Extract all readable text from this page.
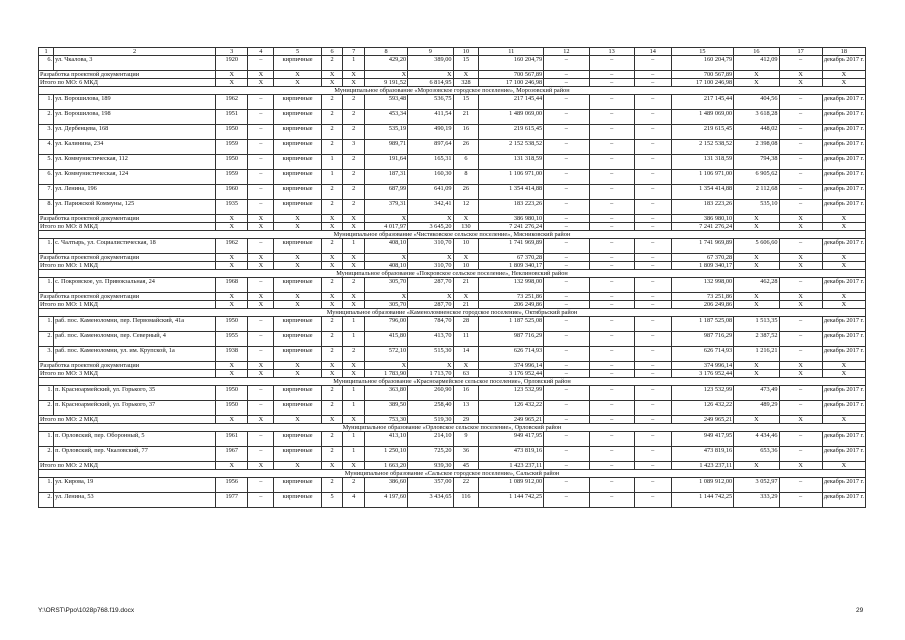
1	2	3	4	5	6	7	8	9	10	11	12	13	14	15	16	17	18
6.	ул. Чкалова, 3	1920	–	кирпичные	2	1	429,20	389,00	15	160 204,79	–	–	–	160 204,79	412,09	–	декабрь 2017 г.
Разработка проектной документации		X	X	X	X	X	X	X	X	700 567,89	–	–	–	700 567,89	X	X	X
Итого по МО: 6 МКД		X	X	X	X	X	9 191,52	6 814,95	328	17 100 246,98	–	–	–	17 100 246,98	X	X	X
Муниципальное образование «Морозовское городское поселение», Морозовский район																	
1.	ул. Ворошилова, 189	1962	–	кирпичные	2	2	593,48	536,75	15	217 145,44	–	–	–	217 145,44	404,56	–	декабрь 2017 г.
2.	ул. Ворошилова, 198	1951	–	кирпичные	2	2	453,34	411,54	21	1 489 069,00	–	–	–	1 489 069,00	3 618,28	–	декабрь 2017 г.
3.	ул. Дербенцева, 168	1950	–	кирпичные	2	2	535,19	490,19	16	219 615,45	–	–	–	219 615,45	448,02	–	декабрь 2017 г.
4.	ул. Калинина, 234	1959	–	кирпичные	2	3	989,71	897,64	26	2 152 538,52	–	–	–	2 152 538,52	2 398,08	–	декабрь 2017 г.
5.	ул. Коммунистическая, 112	1950	–	кирпичные	1	2	191,64	165,31	6	131 318,59	–	–	–	131 318,59	794,38	–	декабрь 2017 г.
6.	ул. Коммунистическая, 124	1959	–	кирпичные	1	2	187,31	160,30	8	1 106 971,00	–	–	–	1 106 971,00	6 905,62	–	декабрь 2017 г.
7.	ул. Ленина, 196	1960	–	кирпичные	2	2	687,99	641,09	26	1 354 414,88	–	–	–	1 354 414,88	2 112,68	–	декабрь 2017 г.
8.	ул. Парижской Коммуны, 125	1935	–	кирпичные	2	2	379,31	342,41	12	183 223,26	–	–	–	183 223,26	535,10	–	декабрь 2017 г.
Разработка проектной документации		X	X	X	X	X	X	X	X	386 980,10	–	–	–	386 980,10	X	X	X
Итого по МО: 8 МКД		X	X	X	X	X	4 017,97	3 645,20	130	7 241 276,24	–	–	–	7 241 276,24	X	X	X
Муниципальное образование «Чистяковское сельское поселение», Мясниковский район																	
1.	с. Чалтырь, ул. Социалистическая, 18	1962	–	кирпичные	2	1	408,10	310,70	10	1 741 969,89	–	–	–	1 741 969,89	5 606,60	–	декабрь 2017 г.
Разработка проектной документации		X	X	X	X	X	X	X	X	67 370,28	–	–	–	67 370,28	X	X	X
Итого по МО: 1 МКД		X	X	X	X	X	408,10	310,70	10	1 809 340,17	–	–	–	1 809 340,17	X	X	X
Муниципальное образование «Покровское сельское поселение», Неклиновский район																	
1.	с. Покровское, ул. Привокзальная, 24	1968	–	кирпичные	2	2	305,70	287,70	21	132 998,00	–	–	–	132 998,00	462,28	–	декабрь 2017 г.
Разработка проектной документации		X	X	X	X	X	X	X	X	73 251,86	–	–	–	73 251,86	X	X	X
Итого по МО: 1 МКД		X	X	X	X	X	305,70	287,70	21	206 249,86	–	–	–	206 249,86	X	X	X
Муниципальное образование «Каменоломненское городское поселение», Октябрьский район																	
1.	раб. пос. Каменоломни, пер. Первомайский, 41а	1950	–	кирпичные	2	1	796,00	784,70	28	1 187 525,08	–	–	–	1 187 525,08	1 513,35	–	декабрь 2017 г.
2.	раб. пос. Каменоломни, пер. Северный, 4	1955	–	кирпичные	2	1	415,80	413,70	11	987 716,29	–	–	–	987 716,29	2 387,52	–	декабрь 2017 г.
3.	раб. пос. Каменоломни, ул. им. Крупской, 1а	1938	–	кирпичные	2	2	572,10	515,30	14	626 714,93	–	–	–	626 714,93	1 216,21	–	декабрь 2017 г.
Разработка проектной документации		X	X	X	X	X	X	X	X	374 996,14	–	–	–	374 996,14	X	X	X
Итого по МО: 3 МКД		X	X	X	X	X	1 783,90	1 713,70	63	3 176 952,44	–	–	–	3 176 952,44	X	X	X
Муниципальное образование «Красноармейское сельское поселение», Орловский район																	
1.	п. Красноармейский, ул. Горького, 35	1950	–	кирпичные	2	1	363,80	260,90	16	123 532,99	–	–	–	123 532,99	473,49	–	декабрь 2017 г.
2.	п. Красноармейский, ул. Горького, 37	1950	–	кирпичные	2	1	389,50	258,40	13	126 432,22	–	–	–	126 432,22	489,29	–	декабрь 2017 г.
Итого по МО: 2 МКД		X	X	X	X	X	753,30	519,30	29	249 965,21	–	–	–	249 965,21	X	X	X
Муниципальное образование «Орловское сельское поселение», Орловский район																	
1.	п. Орловский, пер. Оборонный, 5	1961	–	кирпичные	2	1	413,10	214,10	9	949 417,95	–	–	–	949 417,95	4 434,46	–	декабрь 2017 г.
2.	п. Орловский, пер. Чкаловский, 77	1967	–	кирпичные	2	1	1 250,10	725,20	36	473 819,16	–	–	–	473 819,16	653,36	–	декабрь 2017 г.
Итого по МО: 2 МКД		X	X	X	X	X	1 663,20	939,30	45	1 423 237,11	–	–	–	1 423 237,11	X	X	X
Муниципальное образование «Сальское городское поселение», Сальский район																	
1.	ул. Кирова, 19	1956	–	кирпичные	2	2	386,60	357,00	22	1 089 912,00	–	–	–	1 089 912,00	3 052,97	–	декабрь 2017 г.
2.	ул. Ленина, 53	1977	–	кирпичные	5	4	4 197,60	3 434,65	116	1 144 742,25	–	–	–	1 144 742,25	333,29	–	декабрь 2017 г.
Y:\ORST\Ppo\1028p768.f19.docx	29
